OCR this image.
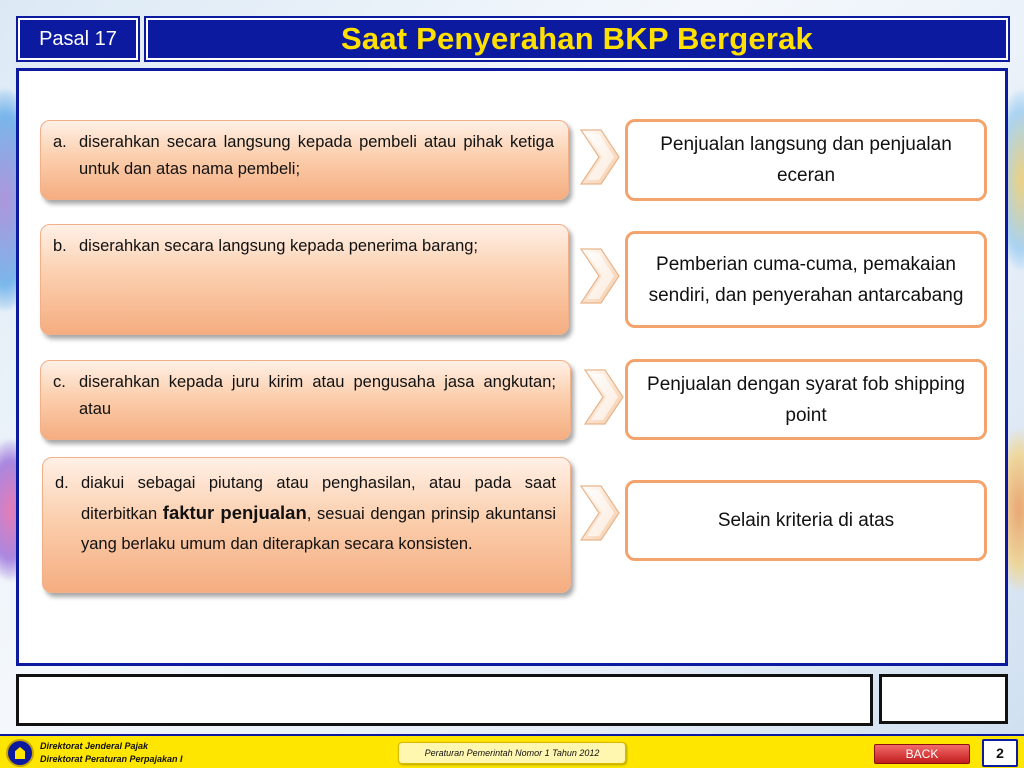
Pasal 17	Saat Penyerahan BKP Bergerak
a. diserahkan secara langsung kepada pembeli atau pihak ketiga untuk dan atas nama pembeli;
Penjualan langsung dan penjualan eceran
b. diserahkan secara langsung kepada penerima barang;
Pemberian cuma-cuma, pemakaian sendiri, dan penyerahan antarcabang
c. diserahkan kepada juru kirim atau pengusaha jasa angkutan; atau
Penjualan dengan syarat fob shipping point
d. diakui sebagai piutang atau penghasilan, atau pada saat diterbitkan faktur penjualan, sesuai dengan prinsip akuntansi yang berlaku umum dan diterapkan secara konsisten.
Selain kriteria di atas
Direktorat Jenderal Pajak
Direktorat Peraturan Perpajakan I
Peraturan Pemerintah Nomor 1 Tahun 2012	BACK	2
